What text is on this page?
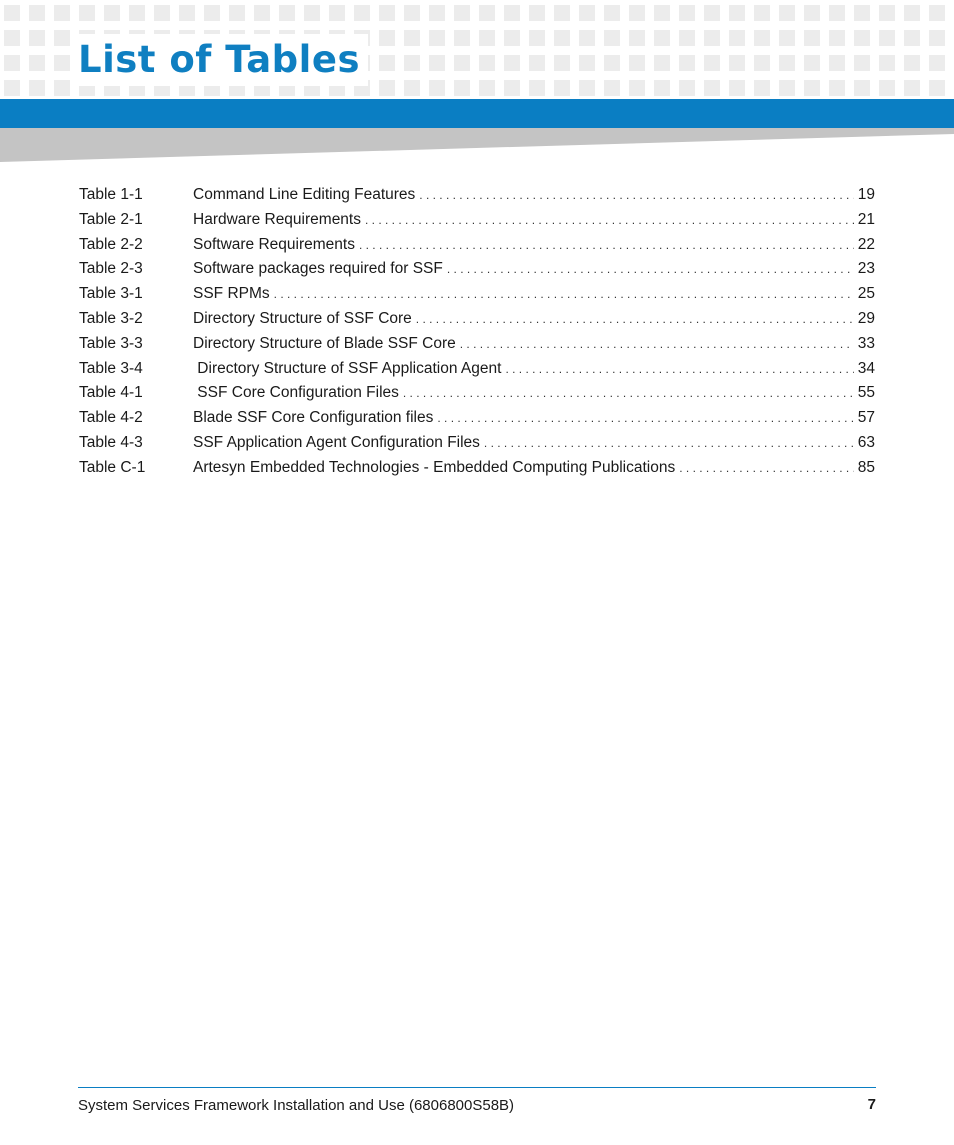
List of Tables
Table 1-1	Command Line Editing Features . . .	19
Table 2-1	Hardware Requirements . . .	21
Table 2-2	Software Requirements . . .	22
Table 2-3	Software packages required for SSF . . .	23
Table 3-1	SSF RPMs . . .	25
Table 3-2	Directory Structure of SSF Core . . .	29
Table 3-3	Directory Structure of Blade SSF Core . . .	33
Table 3-4	Directory Structure of SSF Application Agent . . .	34
Table 4-1	SSF Core Configuration Files . . .	55
Table 4-2	Blade SSF Core Configuration files . . .	57
Table 4-3	SSF Application Agent Configuration Files . . .	63
Table C-1	Artesyn Embedded Technologies - Embedded Computing Publications . . .	85
System Services Framework Installation and Use (6806800S58B)	7
